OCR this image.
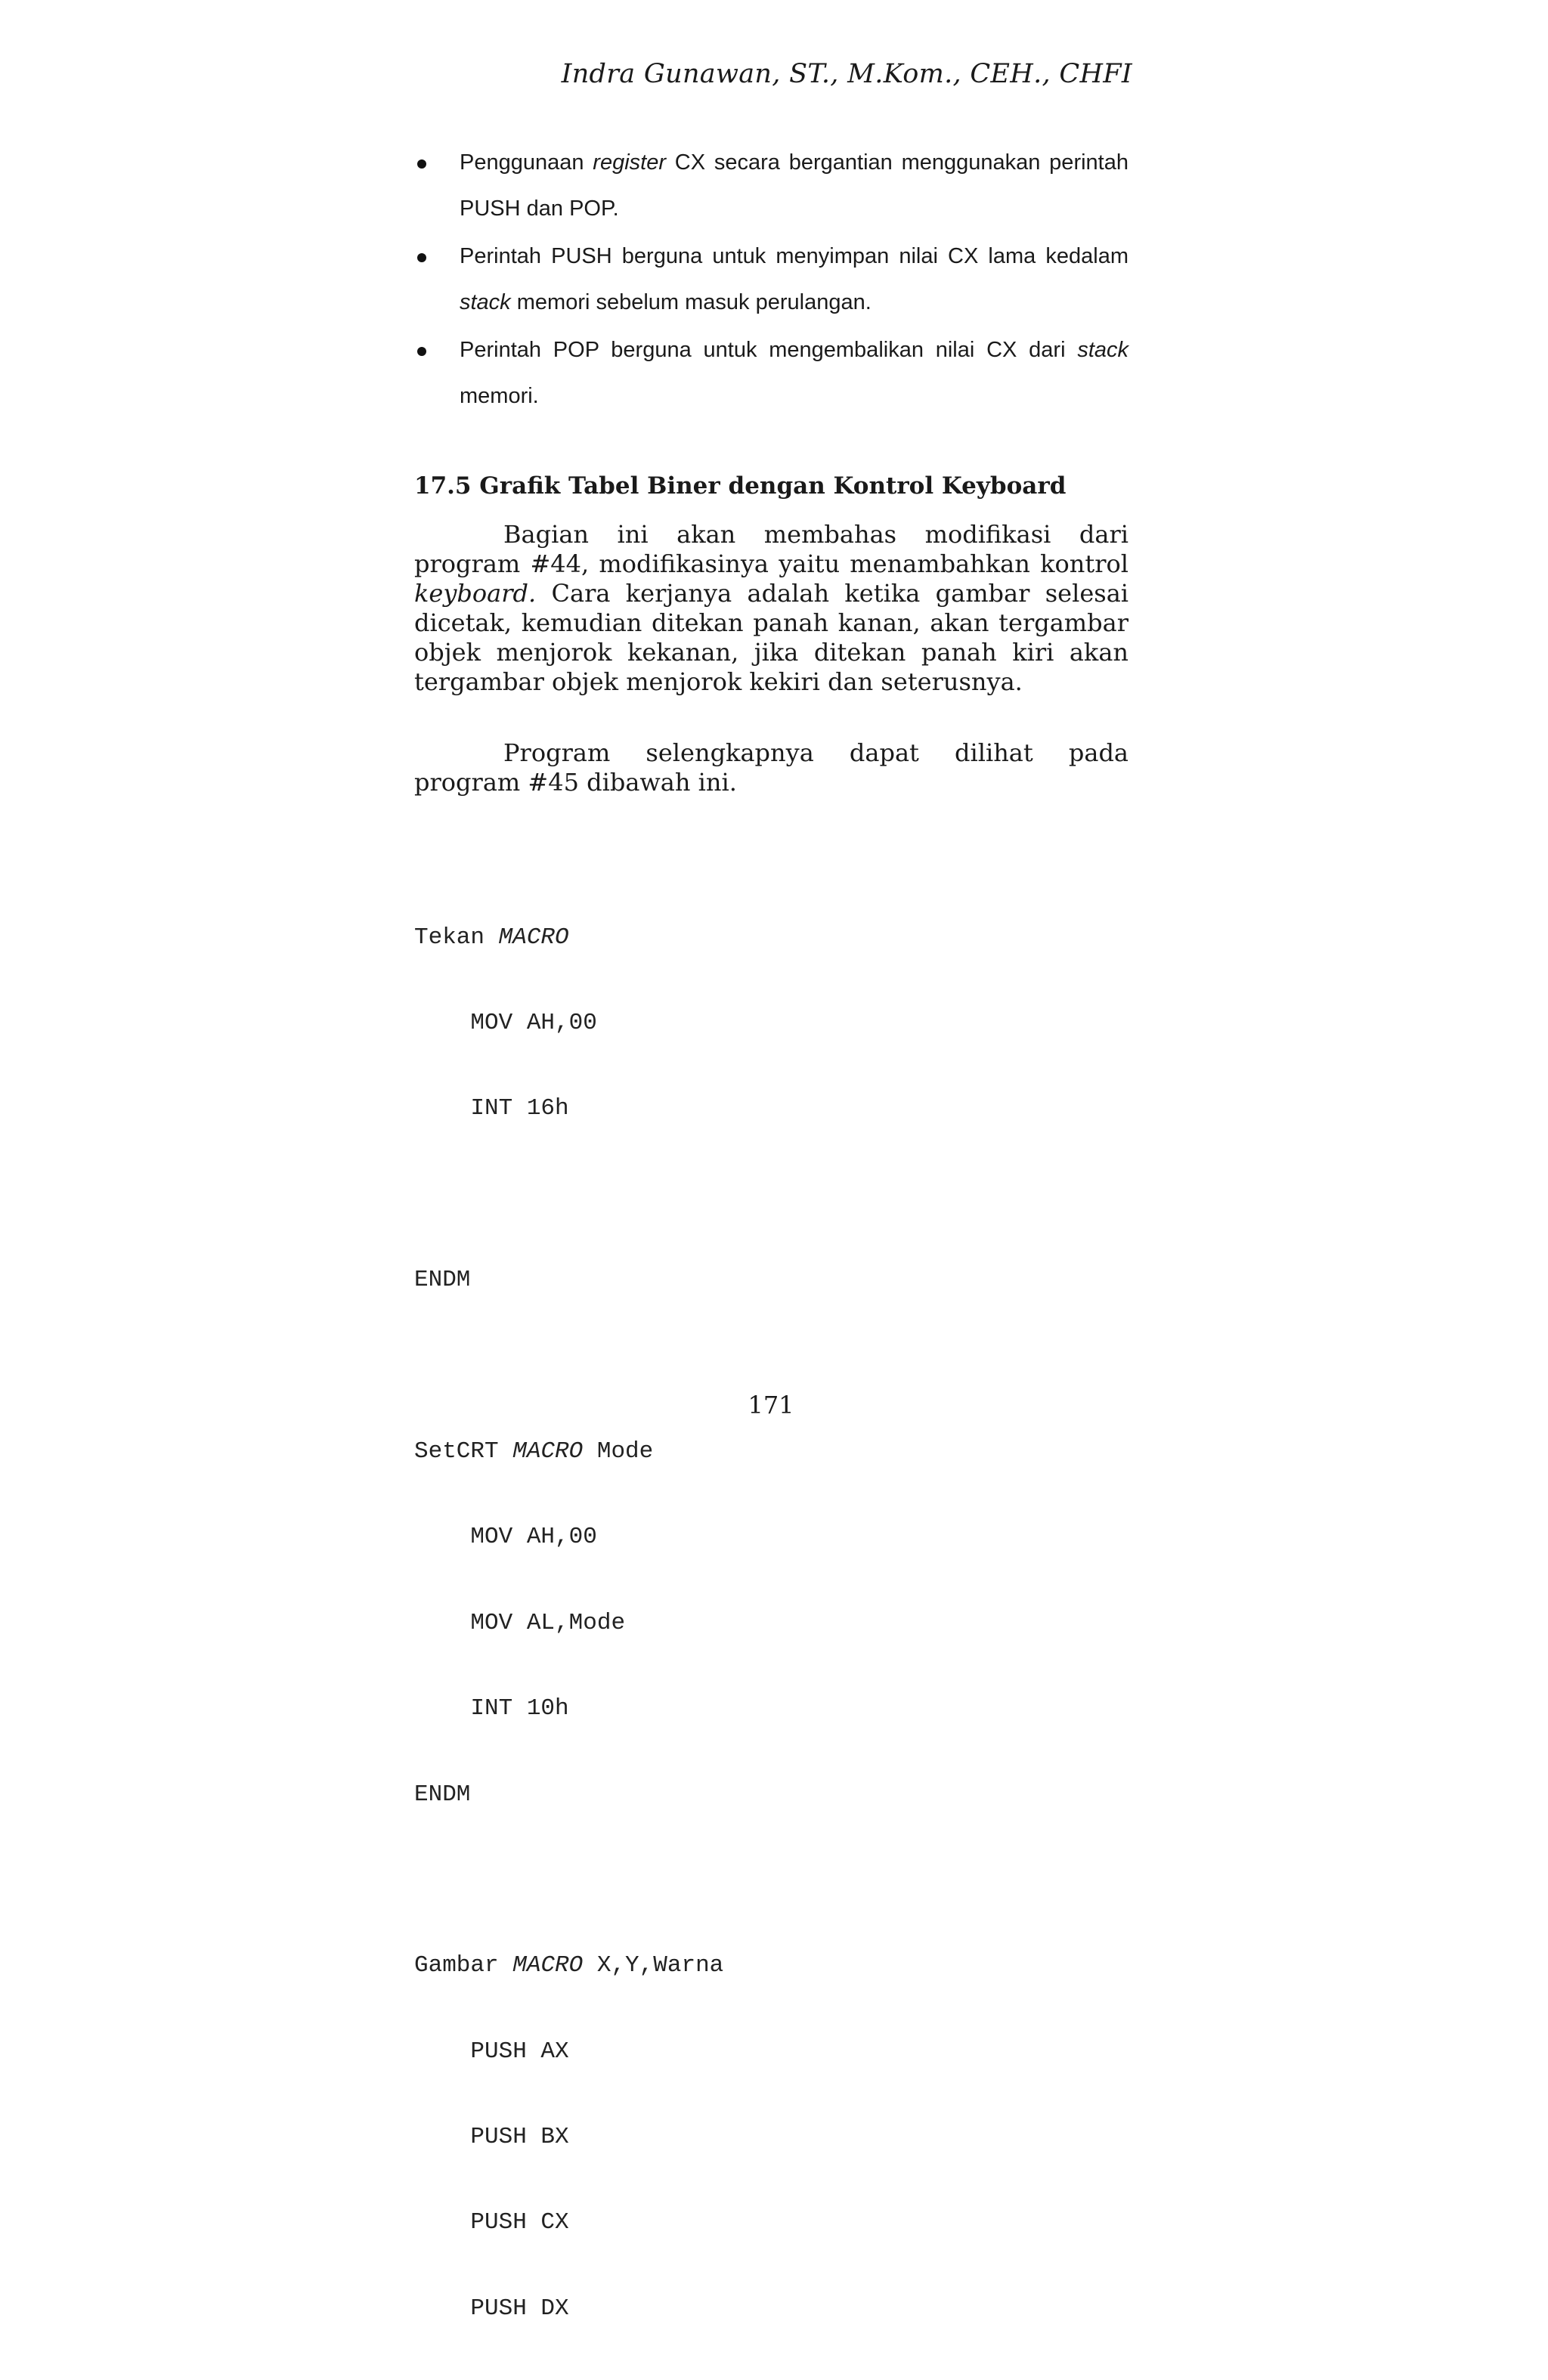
Indra Gunawan, ST., M.Kom., CEH., CHFI
Penggunaan register CX secara bergantian menggunakan perintah PUSH dan POP.
Perintah PUSH berguna untuk menyimpan nilai CX lama kedalam stack memori sebelum masuk perulangan.
Perintah POP berguna untuk mengembalikan nilai CX dari stack memori.
17.5 Grafik Tabel Biner dengan Kontrol Keyboard

Bagian ini akan membahas modifikasi dari program #44, modifikasinya yaitu menambahkan kontrol keyboard. Cara kerjanya adalah ketika gambar selesai dicetak, kemudian ditekan panah kanan, akan tergambar objek menjorok kekanan, jika ditekan panah kiri akan tergambar objek menjorok kekiri dan seterusnya.

Program selengkapnya dapat dilihat pada program #45 dibawah ini.

Tekan MACRO

MOV AH,00

INT 16h

ENDM

SetCRT MACRO Mode

MOV AH,00

MOV AL,Mode

INT 10h

ENDM

Gambar MACRO X,Y,Warna

PUSH AX

PUSH BX

PUSH CX

PUSH DX

171
